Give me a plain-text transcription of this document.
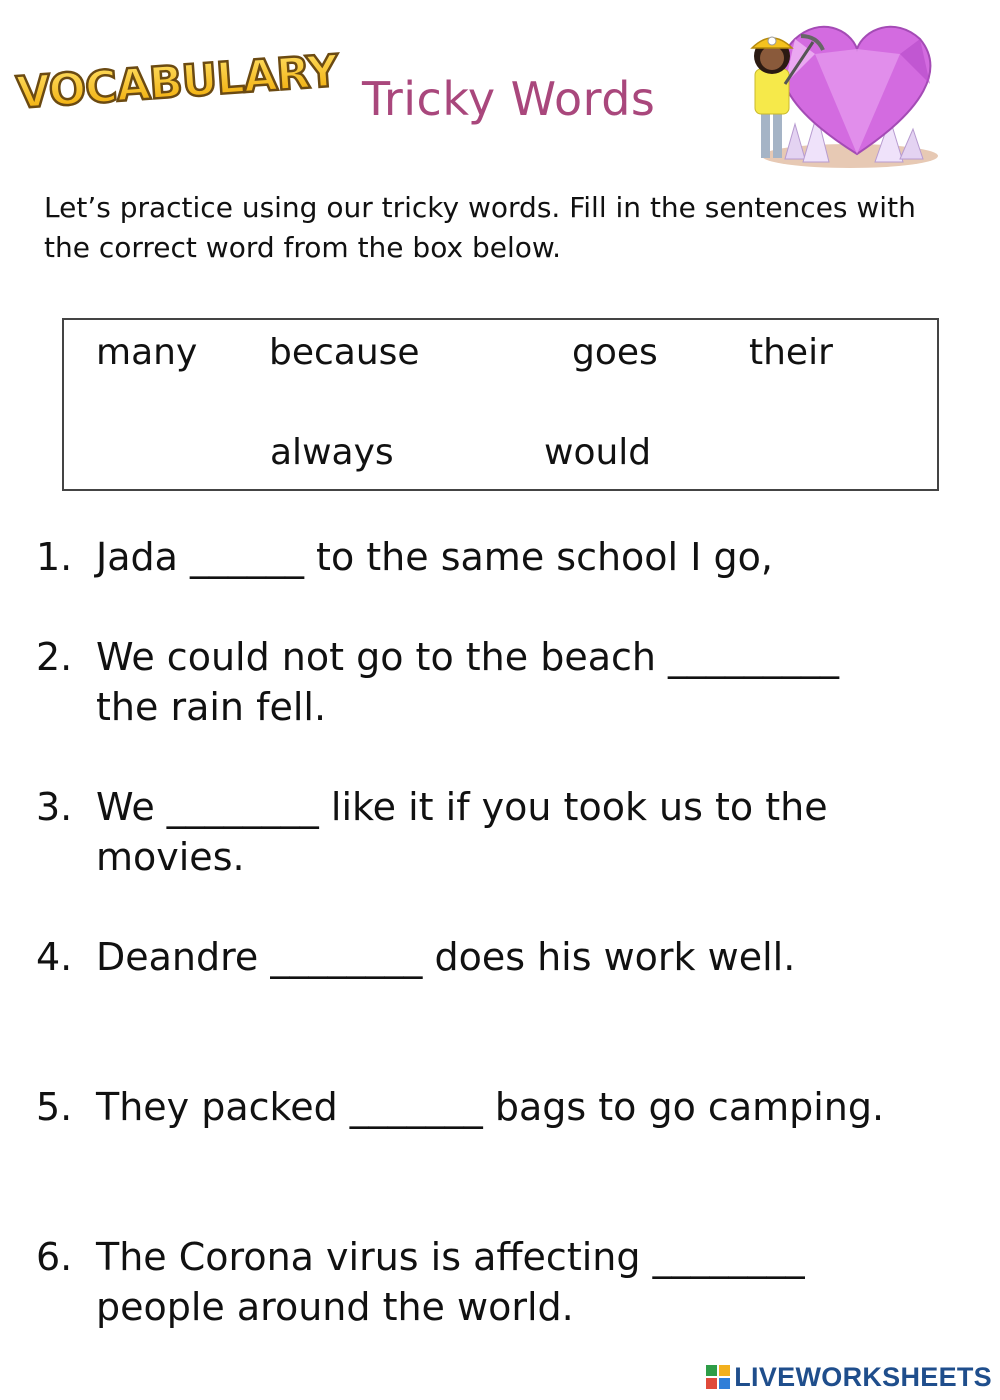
VOCABULARY Tricky Words
Let’s practice using our tricky words. Fill in the sentences with the correct word from the box below.
many because	goes	their
always	would
1. Jada ______ to the same school I go,
2. We could not go to the beach _________
the rain fell.
3. We ________ like it if you took us to the
movies.
4. Deandre ________ does his work well.
5. They packed _______ bags to go camping.
6. The Corona virus is affecting ________
people around the world.
LIVEWORKSHEETS
